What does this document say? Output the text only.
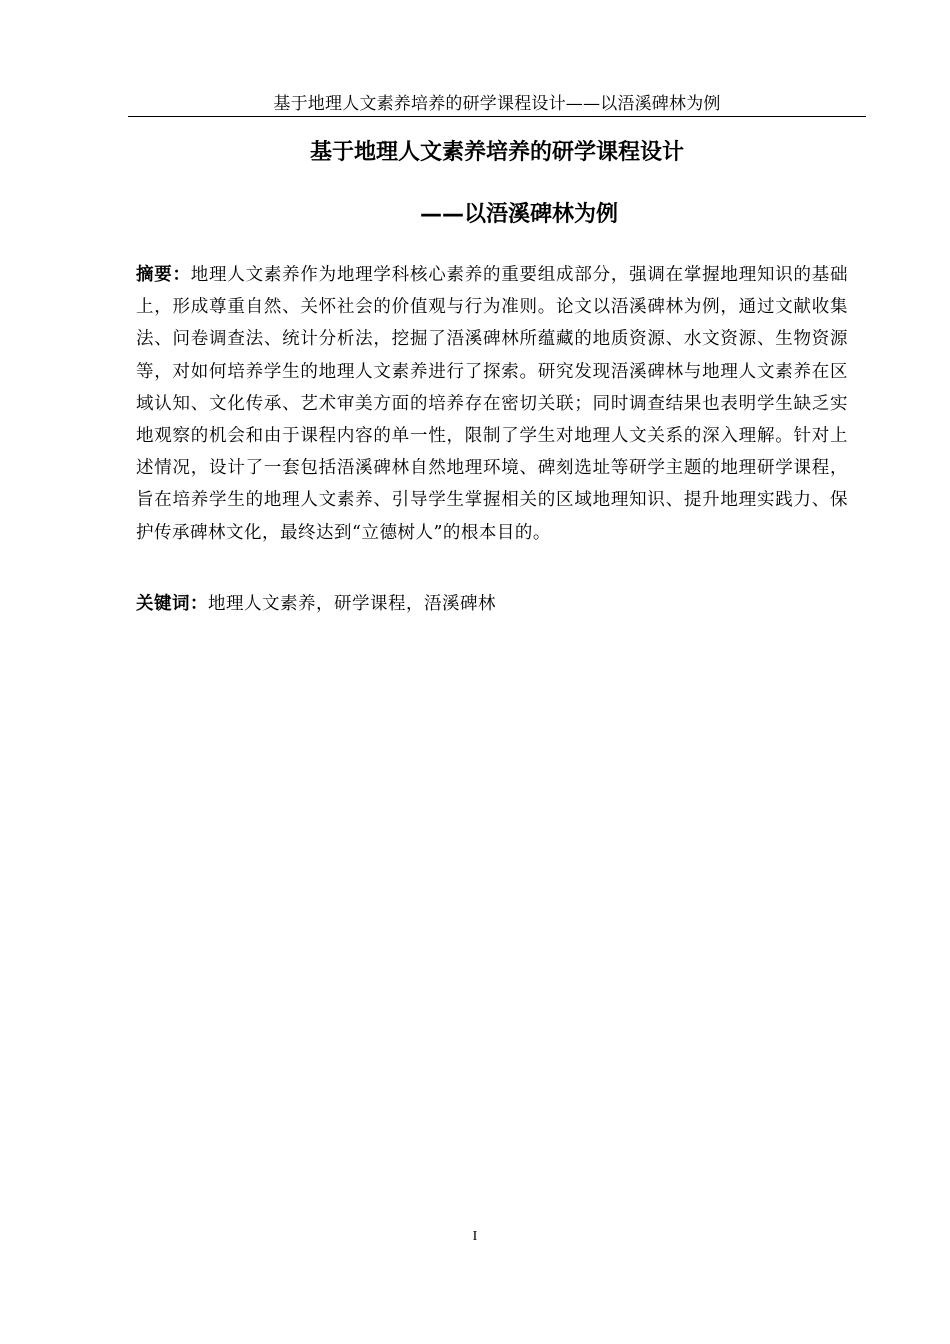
基于地理人文素养培养的研学课程设计——以浯溪碑林为例
基于地理人文素养培养的研学课程设计
——以浯溪碑林为例

摘要：地理人文素养作为地理学科核心素养的重要组成部分，强调在掌握地理知识的基础上，形成尊重自然、关怀社会的价值观与行为准则。论文以浯溪碑林为例，通过文献收集法、问卷调查法、统计分析法，挖掘了浯溪碑林所蕴藏的地质资源、水文资源、生物资源等，对如何培养学生的地理人文素养进行了探索。研究发现浯溪碑林与地理人文素养在区域认知、文化传承、艺术审美方面的培养存在密切关联；同时调查结果也表明学生缺乏实地观察的机会和由于课程内容的单一性，限制了学生对地理人文关系的深入理解。针对上述情况，设计了一套包括浯溪碑林自然地理环境、碑刻选址等研学主题的地理研学课程，旨在培养学生的地理人文素养、引导学生掌握相关的区域地理知识、提升地理实践力、保护传承碑林文化，最终达到“立德树人”的根本目的。

关键词：地理人文素养，研学课程，浯溪碑林

I
